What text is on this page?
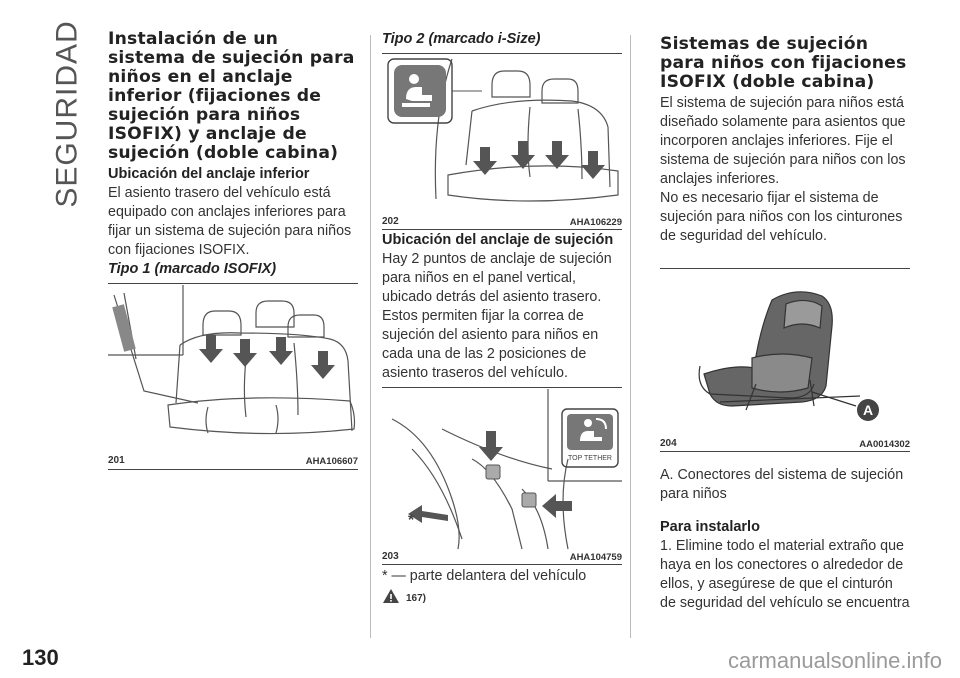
SEGURIDAD Instalación de un sistema de sujeción para niños en el anclaje inferior (fijaciones de sujeción para niños ISOFIX) y anclaje de sujeción (doble cabina)
Ubicación del anclaje inferior

El asiento trasero del vehículo está equipado con anclajes inferiores para fijar un sistema de sujeción para niños con fijaciones ISOFIX.

Tipo 1 (marcado ISOFIX)
201	AHA106607
Tipo 2 (marcado i-Size)
202	AHA106229
Ubicación del anclaje de sujeción

Hay 2 puntos de anclaje de sujeción para niños en el panel vertical, ubicado detrás del asiento trasero.

Estos permiten fijar la correa de sujeción del asiento para niños en cada una de las 2 posiciones de asiento traseros del vehículo.

*
TOP TETHER
203	AHA104759

* — parte delantera del vehículo

167)
Sistemas de sujeción para niños con fijaciones ISOFIX (doble cabina)

El sistema de sujeción para niños está diseñado solamente para asientos que incorporen anclajes inferiores. Fije el sistema de sujeción para niños con los anclajes inferiores.

No es necesario fijar el sistema de sujeción para niños con los cinturones de seguridad del vehículo.

A
204	AA0014302

A. Conectores del sistema de sujeción para niños

Para instalarlo

1. Elimine todo el material extraño que haya en los conectores o alrededor de ellos, y asegúrese de que el cinturón de seguridad del vehículo se encuentra

130	carmanualsonline.info
